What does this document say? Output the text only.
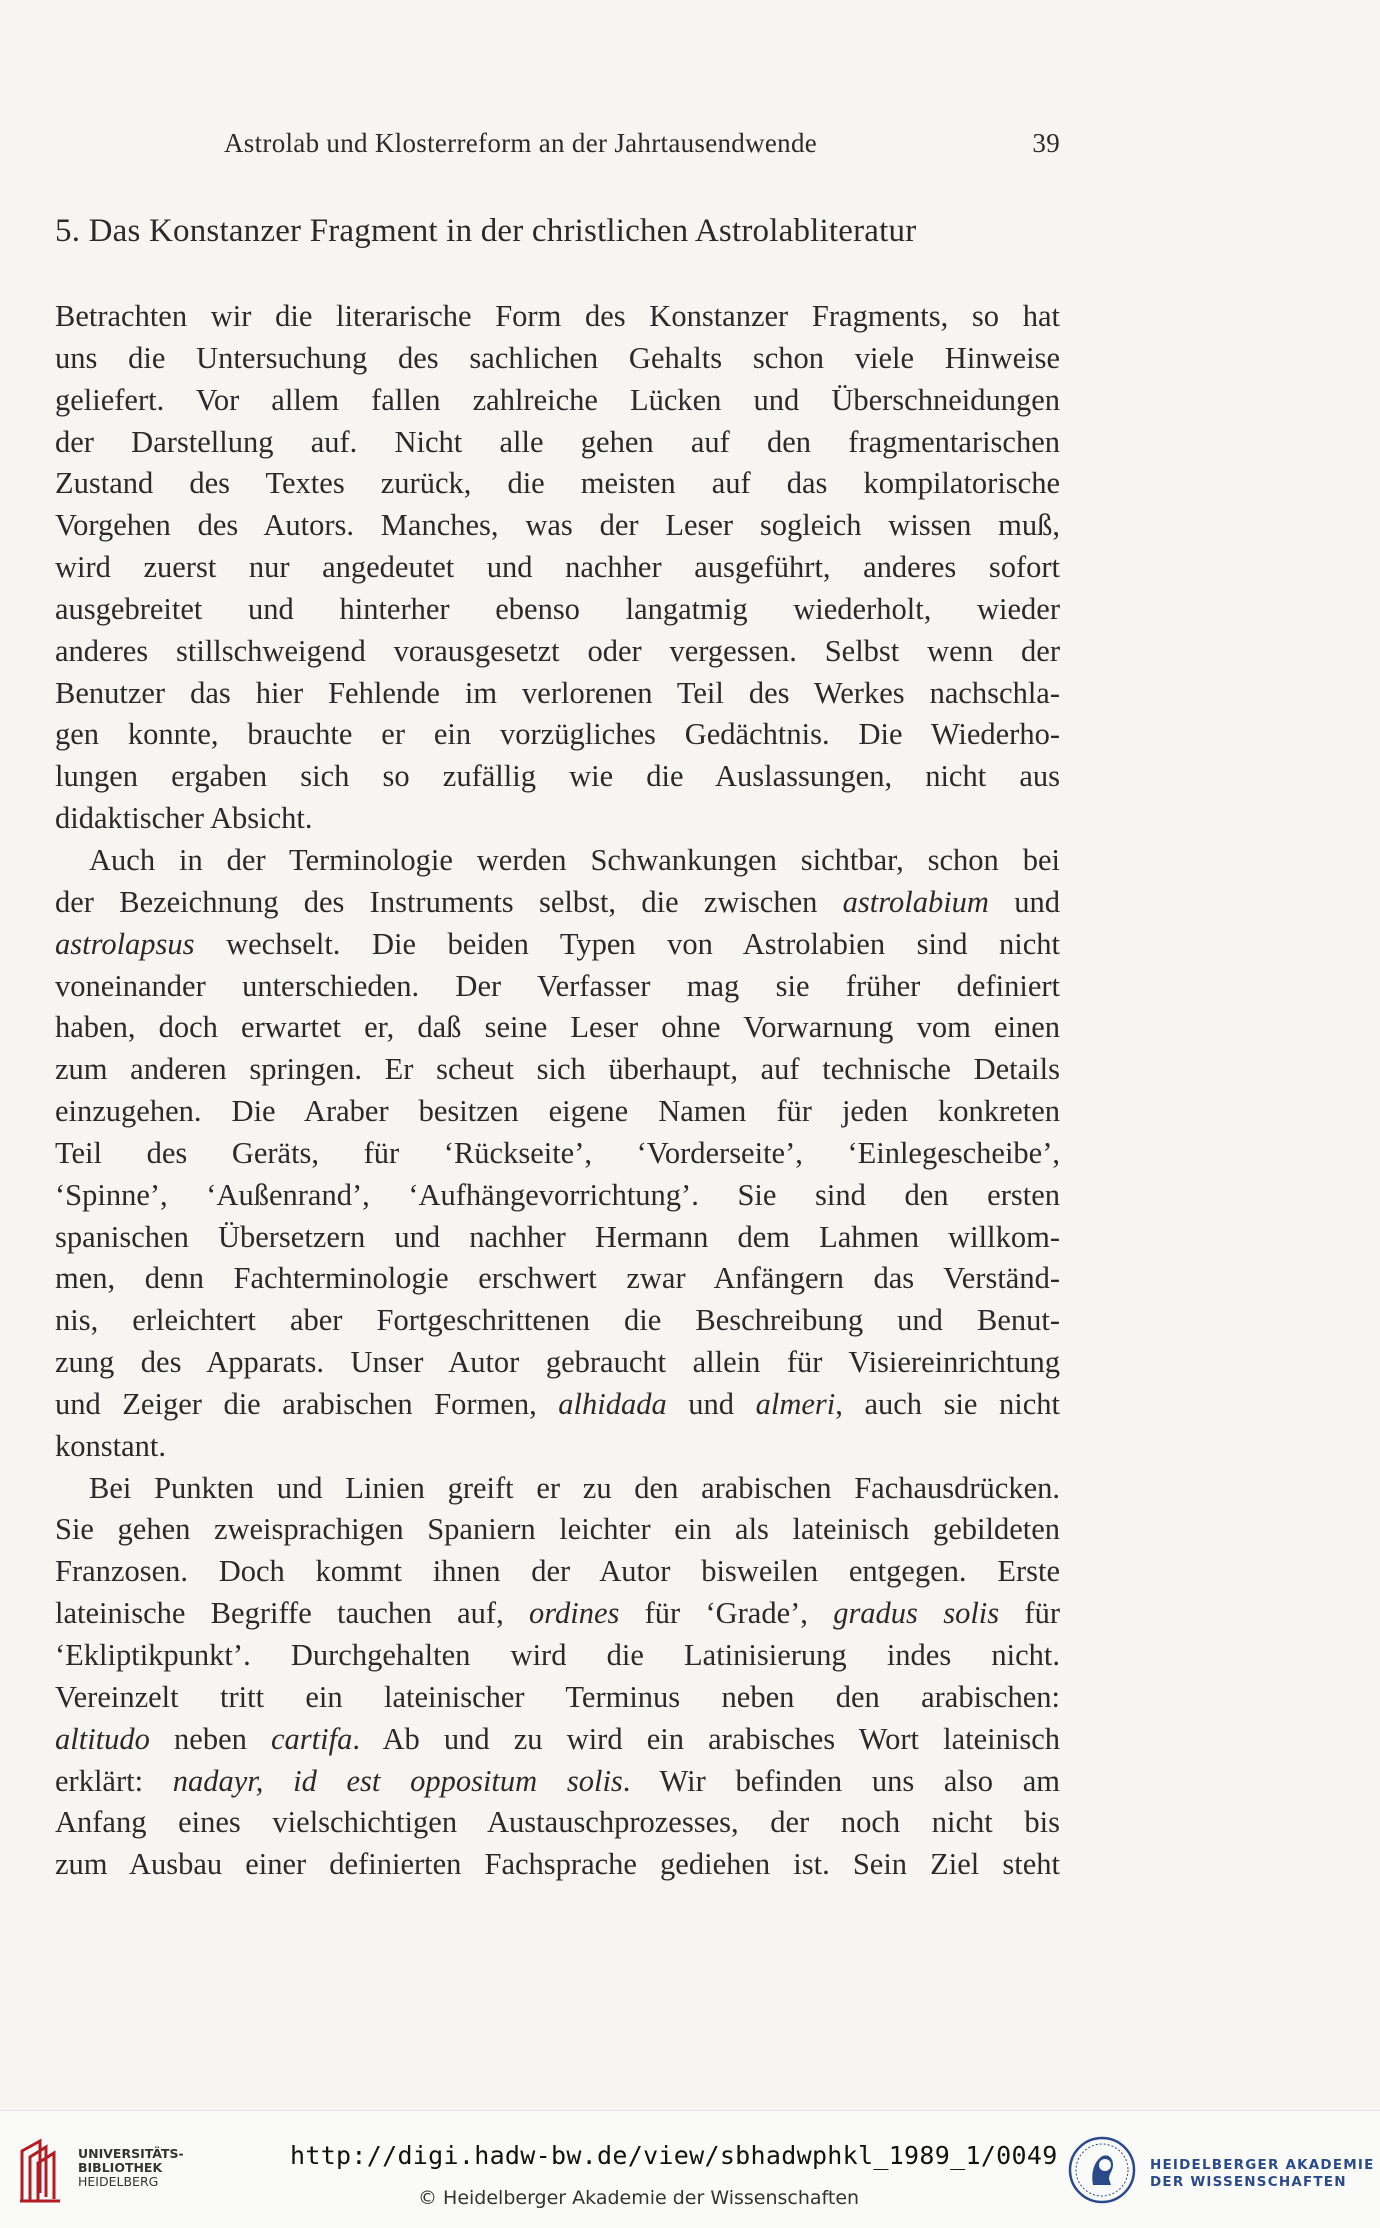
Astrolab und Klosterreform an der Jahrtausendwende	39
5. Das Konstanzer Fragment in der christlichen Astrolabliteratur

Betrachten wir die literarische Form des Konstanzer Fragments, so hat
uns die Untersuchung des sachlichen Gehalts schon viele Hinweise
geliefert. Vor allem fallen zahlreiche Lücken und Überschneidungen
der Darstellung auf. Nicht alle gehen auf den fragmentarischen
Zustand des Textes zurück, die meisten auf das kompilatorische
Vorgehen des Autors. Manches, was der Leser sogleich wissen muß,
wird zuerst nur angedeutet und nachher ausgeführt, anderes sofort
ausgebreitet und hinterher ebenso langatmig wiederholt, wieder
anderes stillschweigend vorausgesetzt oder vergessen. Selbst wenn der
Benutzer das hier Fehlende im verlorenen Teil des Werkes nachschla-
gen konnte, brauchte er ein vorzügliches Gedächtnis. Die Wiederho-
lungen ergaben sich so zufällig wie die Auslassungen, nicht aus
didaktischer Absicht.

Auch in der Terminologie werden Schwankungen sichtbar, schon bei
der Bezeichnung des Instruments selbst, die zwischen astrolabium und
astrolapsus wechselt. Die beiden Typen von Astrolabien sind nicht
voneinander unterschieden. Der Verfasser mag sie früher definiert
haben, doch erwartet er, daß seine Leser ohne Vorwarnung vom einen
zum anderen springen. Er scheut sich überhaupt, auf technische Details
einzugehen. Die Araber besitzen eigene Namen für jeden konkreten
Teil des Geräts, für ‘Rückseite’, ‘Vorderseite’, ‘Einlegescheibe’,
‘Spinne’, ‘Außenrand’, ‘Aufhängevorrichtung’. Sie sind den ersten
spanischen Übersetzern und nachher Hermann dem Lahmen willkom-
men, denn Fachterminologie erschwert zwar Anfängern das Verständ-
nis, erleichtert aber Fortgeschrittenen die Beschreibung und Benut-
zung des Apparats. Unser Autor gebraucht allein für Visiereinrichtung
und Zeiger die arabischen Formen, alhidada und almeri, auch sie nicht
konstant.

Bei Punkten und Linien greift er zu den arabischen Fachausdrücken.
Sie gehen zweisprachigen Spaniern leichter ein als lateinisch gebildeten
Franzosen. Doch kommt ihnen der Autor bisweilen entgegen. Erste
lateinische Begriffe tauchen auf, ordines für ‘Grade’, gradus solis für
‘Ekliptikpunkt’. Durchgehalten wird die Latinisierung indes nicht.
Vereinzelt tritt ein lateinischer Terminus neben den arabischen:
altitudo neben cartifa. Ab und zu wird ein arabisches Wort lateinisch
erklärt: nadayr, id est oppositum solis. Wir befinden uns also am
Anfang eines vielschichtigen Austauschprozesses, der noch nicht bis
zum Ausbau einer definierten Fachsprache gediehen ist. Sein Ziel steht

UNIVERSITÄTS-
BIBLIOTHEK
HEIDELBERG
http://digi.hadw-bw.de/view/sbhadwphkl_1989_1/0049
© Heidelberger Akademie der Wissenschaften
HEIDELBERGER AKADEMIE
DER WISSENSCHAFTEN
